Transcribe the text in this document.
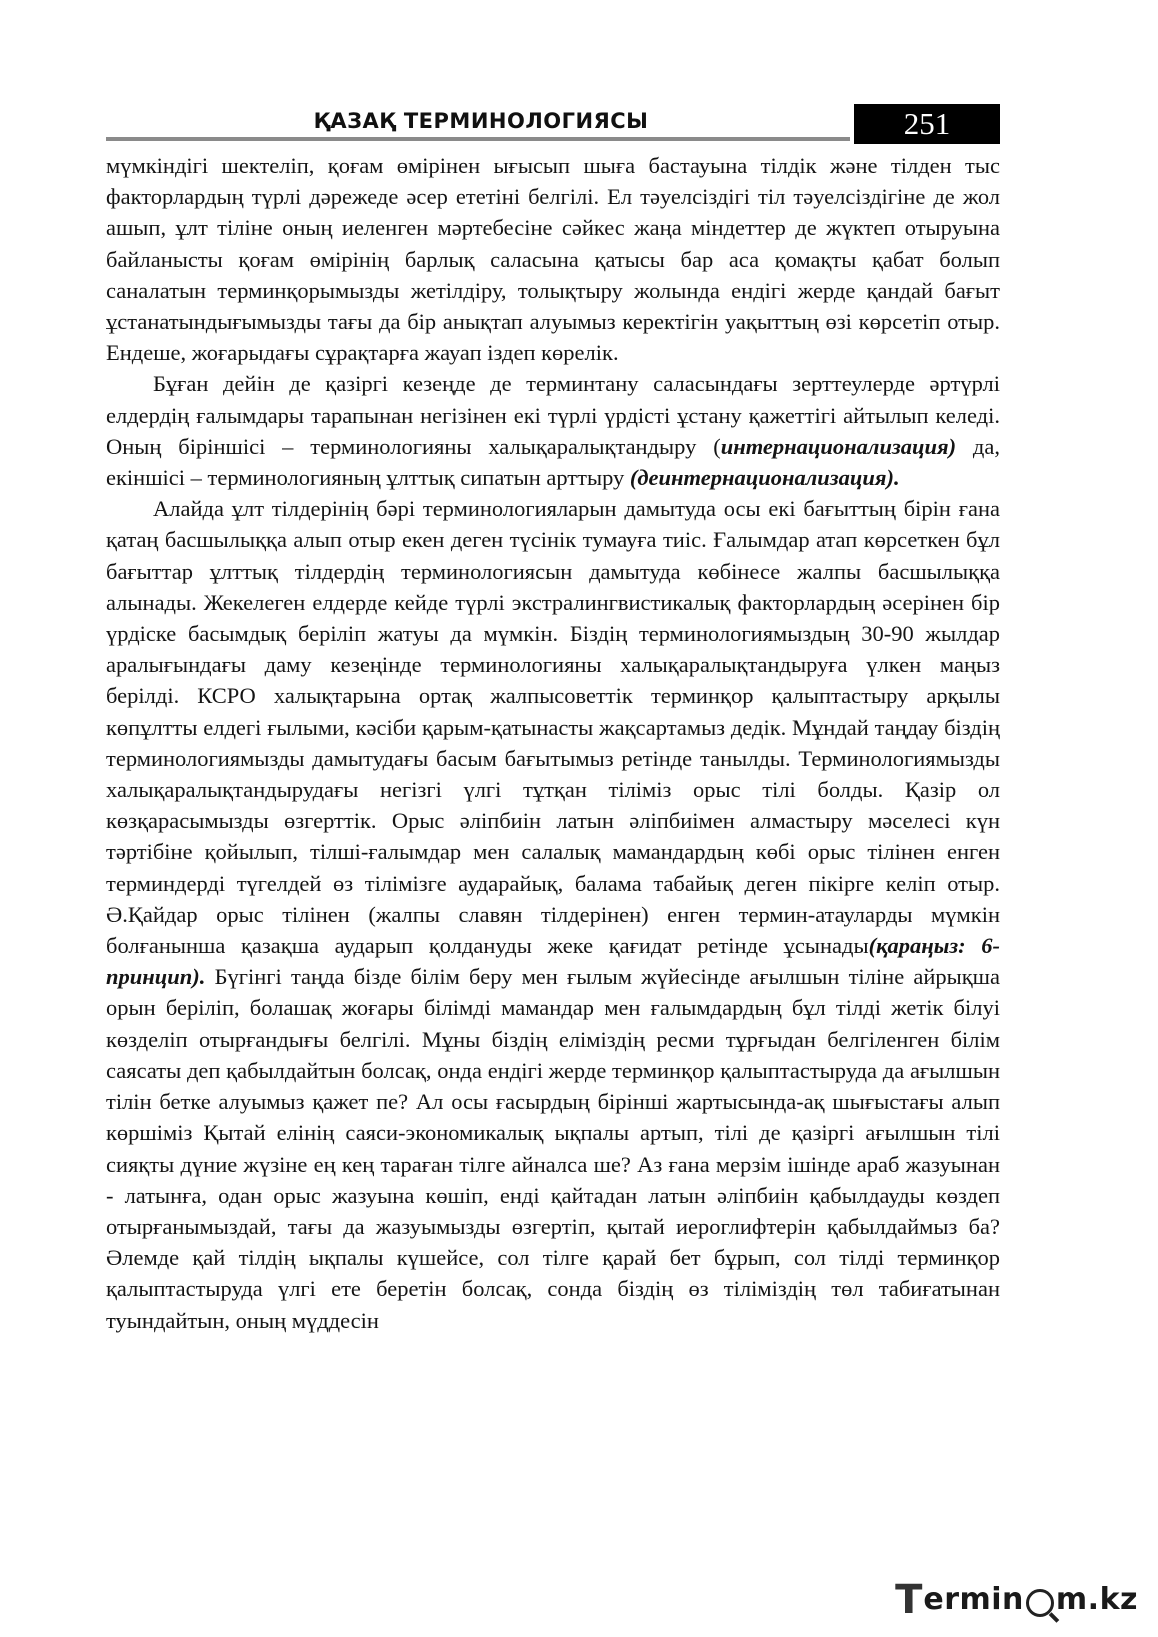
ҚАЗАҚ ТЕРМИНОЛОГИЯСЫ	251

мүмкіндігі шектеліп, қоғам өмірінен ығысып шыға бастауына тілдік және тілден тыс факторлардың түрлі дәрежеде әсер ететіні белгілі. Ел тәуелсіздігі тіл тәуелсіздігіне де жол ашып, ұлт тіліне оның иеленген мәртебесіне сәйкес жаңа міндеттер де жүктеп отыруына байланысты қоғам өмірінің барлық саласына қатысы бар аса қомақты қабат болып саналатын терминқорымызды жетілдіру, толықтыру жолында ендігі жерде қандай бағыт ұстанатындығымызды тағы да бір анықтап алуымыз керектігін уақыттың өзі көрсетіп отыр. Ендеше, жоғарыдағы сұрақтарға жауап іздеп көрелік.

Бұған дейін де қазіргі кезеңде де терминтану саласындағы зерттеулерде әртүрлі елдердің ғалымдары тарапынан негізінен екі түрлі үрдісті ұстану қажеттігі айтылып келеді. Оның біріншісі – терминологияны халықаралықтандыру (интернационализация) да, екіншісі – терминологияның ұлттық сипатын арттыру (деинтернационализация).

Алайда ұлт тілдерінің бәрі терминологияларын дамытуда осы екі бағыттың бірін ғана қатаң басшылыққа алып отыр екен деген түсінік тумауға тиіс. Ғалымдар атап көрсеткен бұл бағыттар ұлттық тілдердің терминологиясын дамытуда көбінесе жалпы басшылыққа алынады. Жекелеген елдерде кейде түрлі экстралингвистикалық факторлардың әсерінен бір үрдіске басымдық беріліп жатуы да мүмкін. Біздің терминологиямыздың 30-90 жылдар аралығындағы даму кезеңінде терминологияны халықаралықтандыруға үлкен маңыз берілді. КСРО халықтарына ортақ жалпысоветтік терминқор қалыптастыру арқылы көпұлтты елдегі ғылыми, кәсіби қарым-қатынасты жақсартамыз дедік. Мұндай таңдау біздің терминологиямызды дамытудағы басым бағытымыз ретінде танылды. Терминологиямызды халықаралықтандырудағы негізгі үлгі тұтқан тіліміз орыс тілі болды. Қазір ол көзқарасымызды өзгерттік. Орыс әліпбиін латын әліпбиімен алмастыру мәселесі күн тәртібіне қойылып, тілші-ғалымдар мен салалық мамандардың көбі орыс тілінен енген терминдерді түгелдей өз тілімізге аударайық, балама табайық деген пікірге келіп отыр. Ә.Қайдар орыс тілінен (жалпы славян тілдерінен) енген термин-атауларды мүмкін болғанынша қазақша аударып қолдануды жеке қағидат ретінде ұсынады(қараңыз: 6-принцип). Бүгінгі таңда бізде білім беру мен ғылым жүйесінде ағылшын тіліне айрықша орын беріліп, болашақ жоғары білімді мамандар мен ғалымдардың бұл тілді жетік білуі көзделіп отырғандығы белгілі. Мұны біздің еліміздің ресми тұрғыдан белгіленген білім саясаты деп қабылдайтын болсақ, онда ендігі жерде терминқор қалыптастыруда да ағылшын тілін бетке алуымыз қажет пе? Ал осы ғасырдың бірінші жартысында-ақ шығыстағы алып көршіміз Қытай елінің саяси-экономикалық ықпалы артып, тілі де қазіргі ағылшын тілі сияқты дүние жүзіне ең кең тараған тілге айналса ше? Аз ғана мерзім ішінде араб жазуынан - латынға, одан орыс жазуына көшіп, енді қайтадан латын әліпбиін қабылдауды көздеп отырғанымыздай, тағы да жазуымызды өзгертіп, қытай иероглифтерін қабылдаймыз ба? Әлемде қай тілдің ықпалы күшейсе, сол тілге қарай бет бұрып, сол тілді терминқор қалыптастыруда үлгі ете беретін болсақ, сонда біздің өз тіліміздің төл табиғатынан туындайтын, оның мүддесін

T ermin m.kz
